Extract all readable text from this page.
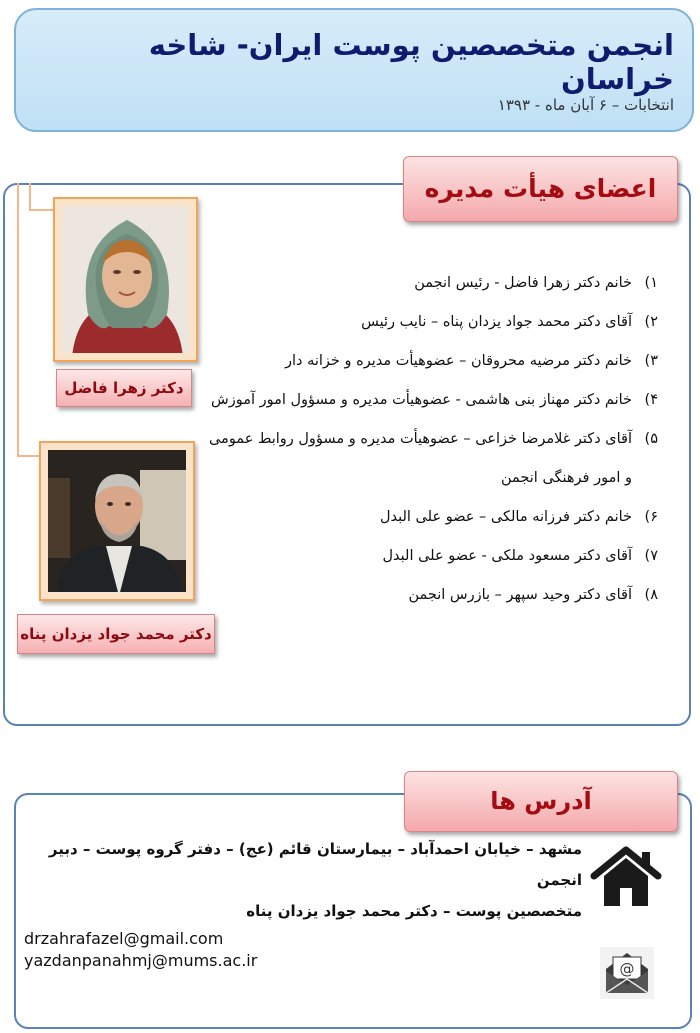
انجمن متخصصین پوست ایران- شاخه خراسان
انتخابات – ۶ آبان ماه - ۱۳۹۳
اعضای هیأت مدیره
دکتر زهرا فاضل
دکتر محمد جواد یزدان پناه
۱)
خانم دکتر زهرا فاضل - رئیس انجمن
۲)
آقای دکتر محمد جواد یزدان پناه – نایب رئیس
۳)
خانم دکتر مرضیه محروقان – عضوهیأت مدیره و خزانه دار
۴)
خانم دکتر مهناز بنی هاشمی - عضوهیأت مدیره و مسؤول امور آموزش
۵)
آقای دکتر غلامرضا خزاعی – عضوهیأت مدیره و مسؤول روابط عمومی
و امور فرهنگی انجمن
۶)
خانم دکتر فرزانه مالکی – عضو علی البدل
۷)
آقای دکتر مسعود ملکی - عضو علی البدل
۸)
آقای دکتر وحید سپهر – بازرس انجمن
آدرس ها
مشهد – خیابان احمدآباد – بیمارستان قائم (عج) – دفتر گروه پوست – دبیر انجمن
متخصصین پوست – دکتر محمد جواد یزدان پناه
@
drzahrafazel@gmail.com
yazdanpanahmj@mums.ac.ir
